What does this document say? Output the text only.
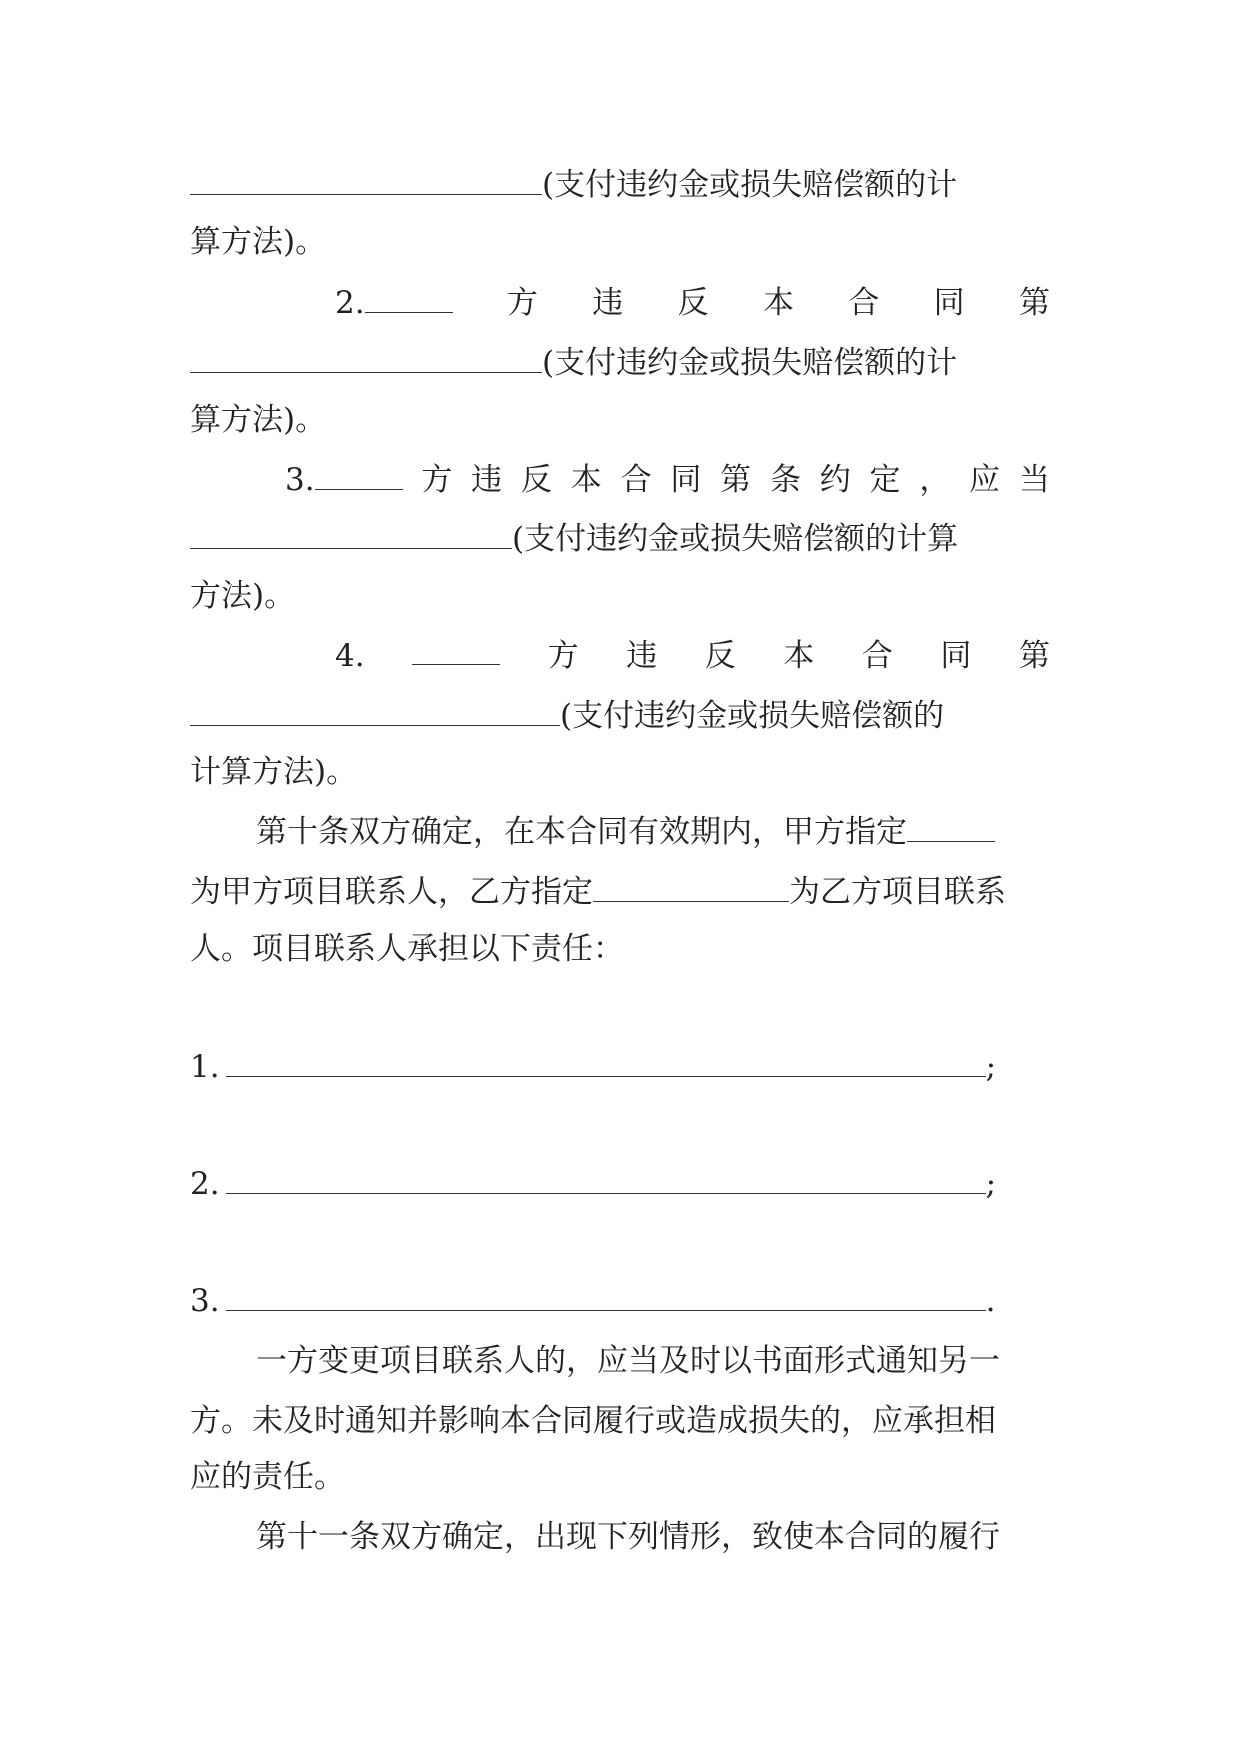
(支付违约金或损失赔偿额的计
算方法)。
2.	方 违 反 本 合 同 第
(支付违约金或损失赔偿额的计
算方法)。
3.	方 违 反 本 合 同 第 条 约 定 ， 应 当
(支付违约金或损失赔偿额的计算
方法)。
4.	方 违 反 本 合 同 第
(支付违约金或损失赔偿额的
计算方法)。
第十条双方确定，在本合同有效期内，甲方指定
为甲方项目联系人，乙方指定	为乙方项目联系
人。项目联系人承担以下责任：
1.	;
2.	;
3.	.
一方变更项目联系人的，应当及时以书面形式通知另一
方。未及时通知并影响本合同履行或造成损失的，应承担相
应的责任。
第十一条双方确定，出现下列情形，致使本合同的履行
